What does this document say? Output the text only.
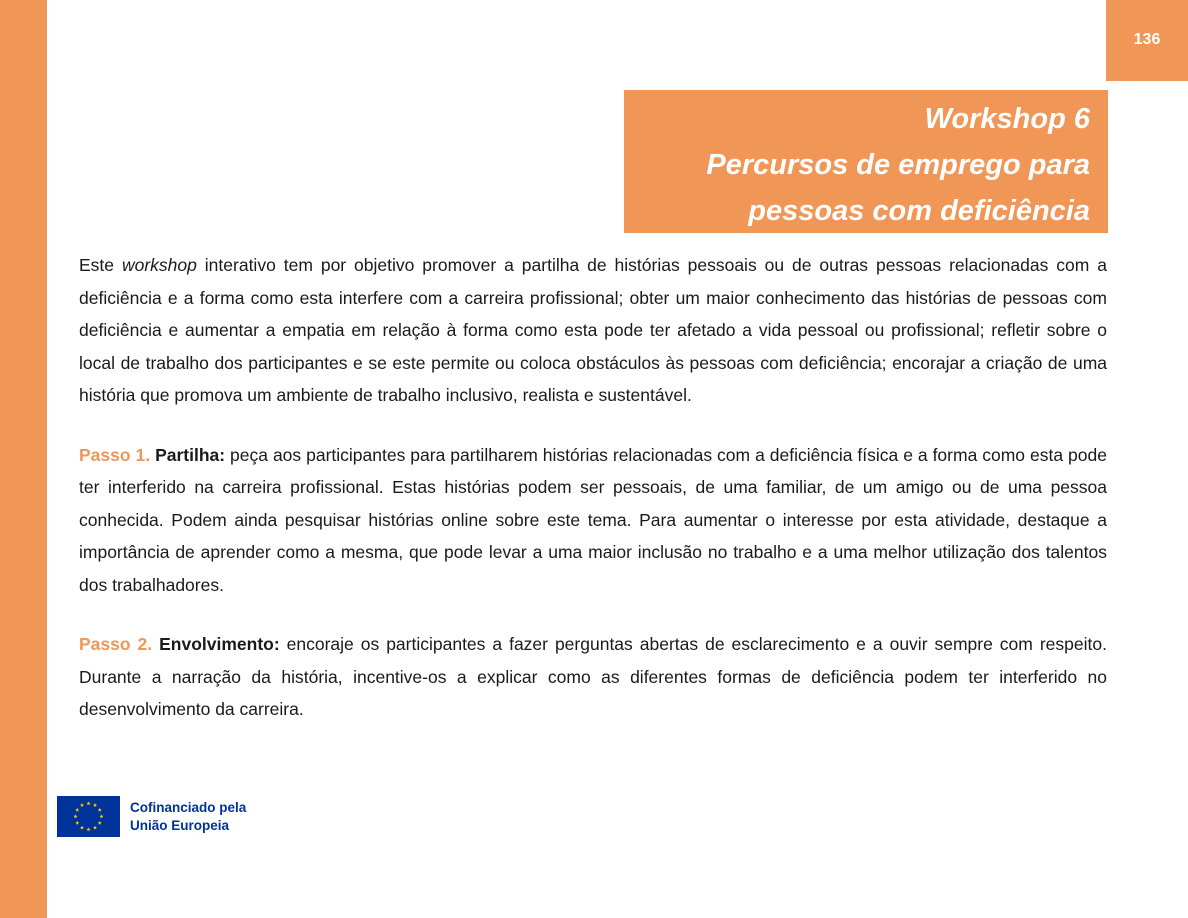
136
Workshop 6
Percursos de emprego para
pessoas com deficiência

Este workshop interativo tem por objetivo promover a partilha de histórias pessoais ou de outras pessoas relacionadas com a deficiência e a forma como esta interfere com a carreira profissional; obter um maior conhecimento das histórias de pessoas com deficiência e aumentar a empatia em relação à forma como esta pode ter afetado a vida pessoal ou profissional; refletir sobre o local de trabalho dos participantes e se este permite ou coloca obstáculos às pessoas com deficiência; encorajar a criação de uma história que promova um ambiente de trabalho inclusivo, realista e sustentável.

Passo 1. Partilha: peça aos participantes para partilharem histórias relacionadas com a deficiência física e a forma como esta pode ter interferido na carreira profissional. Estas histórias podem ser pessoais, de uma familiar, de um amigo ou de uma pessoa conhecida. Podem ainda pesquisar histórias online sobre este tema. Para aumentar o interesse por esta atividade, destaque a importância de aprender como a mesma, que pode levar a uma maior inclusão no trabalho e a uma melhor utilização dos talentos dos trabalhadores.

Passo 2. Envolvimento: encoraje os participantes a fazer perguntas abertas de esclarecimento e a ouvir sempre com respeito. Durante a narração da história, incentive-os a explicar como as diferentes formas de deficiência podem ter interferido no desenvolvimento da carreira.

Cofinanciado pela
União Europeia
